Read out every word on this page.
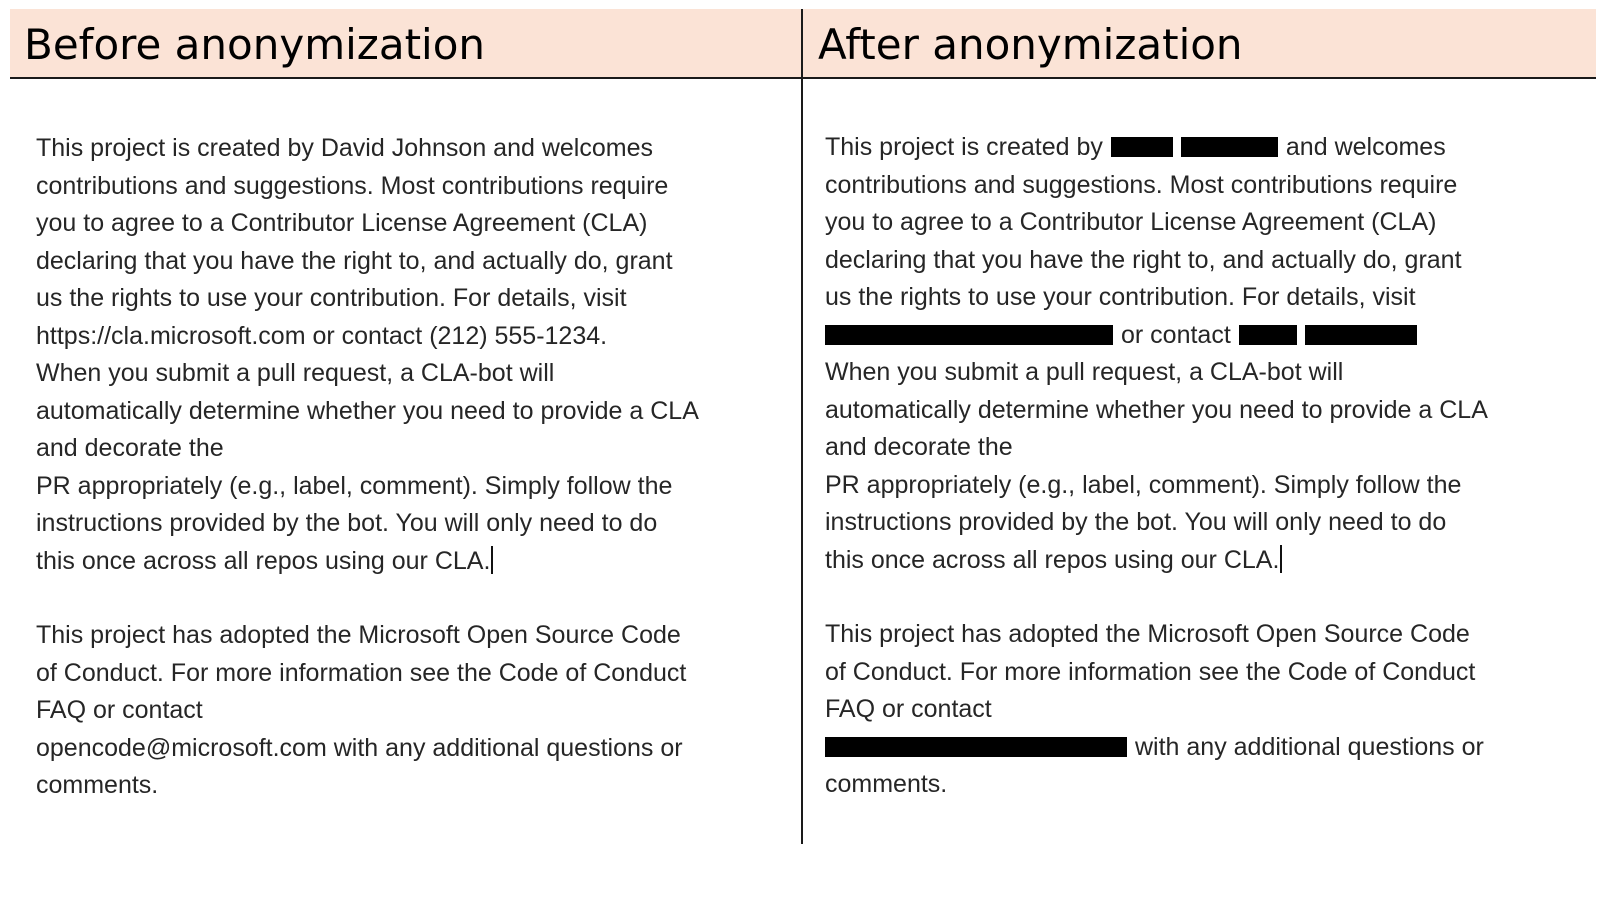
Before anonymization	After anonymization
This project is created by David Johnson and welcomes
contributions and suggestions. Most contributions require
you to agree to a Contributor License Agreement (CLA)
declaring that you have the right to, and actually do, grant
us the rights to use your contribution. For details, visit
https://cla.microsoft.com or contact (212) 555-1234.
When you submit a pull request, a CLA-bot will
automatically determine whether you need to provide a CLA
and decorate the
PR appropriately (e.g., label, comment). Simply follow the
instructions provided by the bot. You will only need to do
this once across all repos using our CLA.
This project has adopted the Microsoft Open Source Code
of Conduct. For more information see the Code of Conduct
FAQ or contact
opencode@microsoft.com with any additional questions or
comments.
This project is created by	and welcomes
contributions and suggestions. Most contributions require
you to agree to a Contributor License Agreement (CLA)
declaring that you have the right to, and actually do, grant
us the rights to use your contribution. For details, visit
or contact
When you submit a pull request, a CLA-bot will
automatically determine whether you need to provide a CLA
and decorate the
PR appropriately (e.g., label, comment). Simply follow the
instructions provided by the bot. You will only need to do
this once across all repos using our CLA.
This project has adopted the Microsoft Open Source Code
of Conduct. For more information see the Code of Conduct
FAQ or contact
with any additional questions or
comments.
